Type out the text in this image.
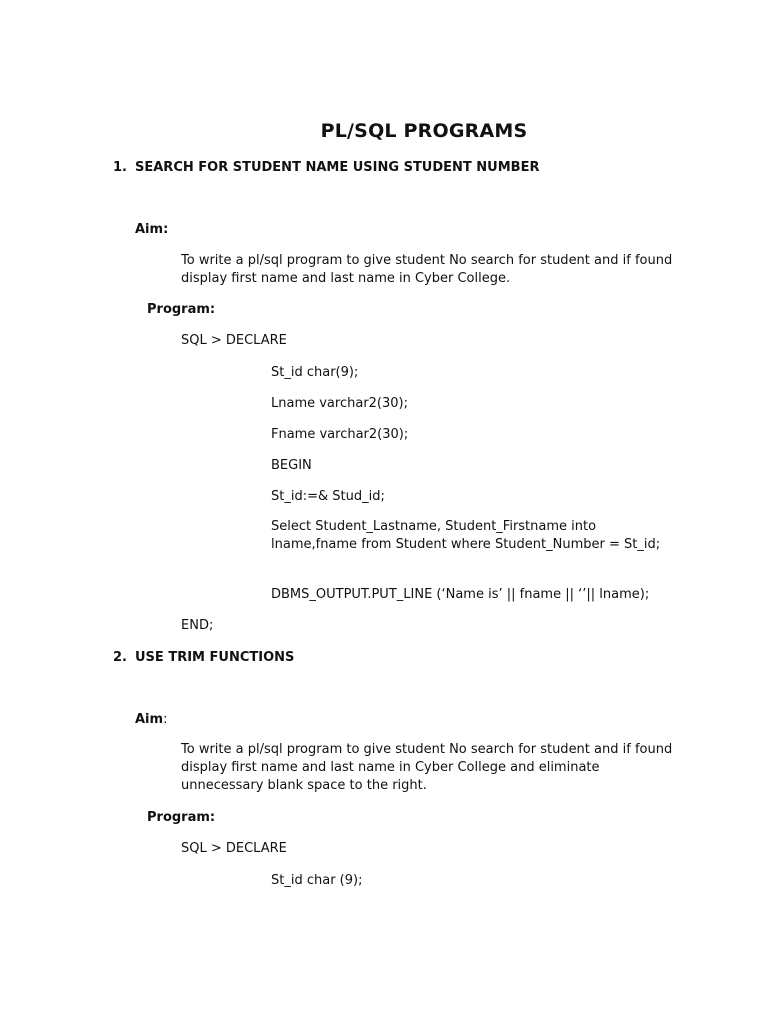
PL/SQL PROGRAMS
1. SEARCH FOR STUDENT NAME USING STUDENT NUMBER
Aim:
To write a pl/sql program to give student No search for student and if found display first name and last name in Cyber College.
Program:
SQL > DECLARE
St_id char(9);
Lname varchar2(30);
Fname varchar2(30);
BEGIN
St_id:=& Stud_id;
Select Student_Lastname, Student_Firstname into lname,fname from Student where Student_Number = St_id;
DBMS_OUTPUT.PUT_LINE (‘Name is’ || fname || ‘’|| lname);
END;
2. USE TRIM FUNCTIONS
Aim:
To write a pl/sql program to give student No search for student and if found display first name and last name in Cyber College and eliminate unnecessary blank space to the right.
Program:
SQL > DECLARE
St_id char (9);
